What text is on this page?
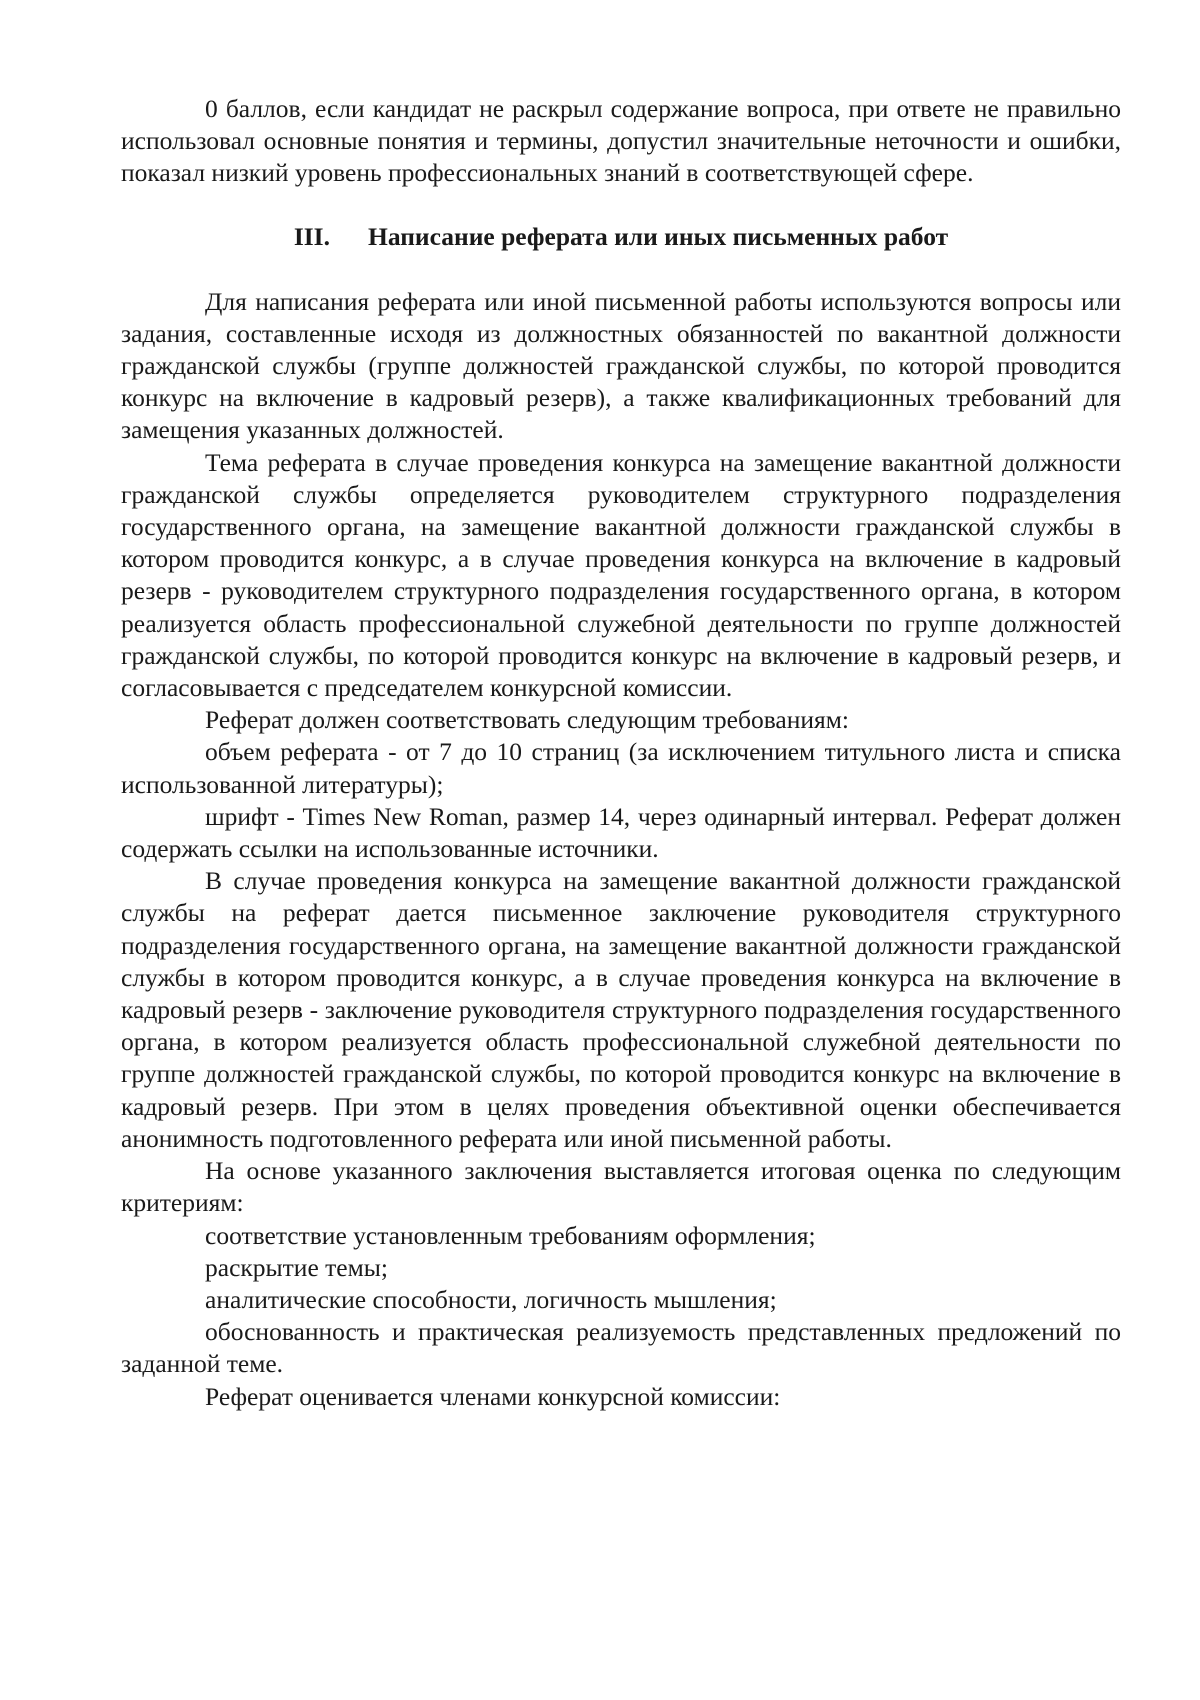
0 баллов, если кандидат не раскрыл содержание вопроса, при ответе не правильно использовал основные понятия и термины, допустил значительные неточности и ошибки, показал низкий уровень профессиональных знаний в соответствующей сфере.

III. Написание реферата или иных письменных работ

Для написания реферата или иной письменной работы используются вопросы или задания, составленные исходя из должностных обязанностей по вакантной должности гражданской службы (группе должностей гражданской службы, по которой проводится конкурс на включение в кадровый резерв), а также квалификационных требований для замещения указанных должностей.

Тема реферата в случае проведения конкурса на замещение вакантной должности гражданской службы определяется руководителем структурного подразделения государственного органа, на замещение вакантной должности гражданской службы в котором проводится конкурс, а в случае проведения конкурса на включение в кадровый резерв - руководителем структурного подразделения государственного органа, в котором реализуется область профессиональной служебной деятельности по группе должностей гражданской службы, по которой проводится конкурс на включение в кадровый резерв, и согласовывается с председателем конкурсной комиссии.

Реферат должен соответствовать следующим требованиям:

объем реферата - от 7 до 10 страниц (за исключением титульного листа и списка использованной литературы);

шрифт - Times New Roman, размер 14, через одинарный интервал. Реферат должен содержать ссылки на использованные источники.

В случае проведения конкурса на замещение вакантной должности гражданской службы на реферат дается письменное заключение руководителя структурного подразделения государственного органа, на замещение вакантной должности гражданской службы в котором проводится конкурс, а в случае проведения конкурса на включение в кадровый резерв - заключение руководителя структурного подразделения государственного органа, в котором реализуется область профессиональной служебной деятельности по группе должностей гражданской службы, по которой проводится конкурс на включение в кадровый резерв. При этом в целях проведения объективной оценки обеспечивается анонимность подготовленного реферата или иной письменной работы.

На основе указанного заключения выставляется итоговая оценка по следующим критериям:

соответствие установленным требованиям оформления;

раскрытие темы;

аналитические способности, логичность мышления;

обоснованность и практическая реализуемость представленных предложений по заданной теме.

Реферат оценивается членами конкурсной комиссии:
